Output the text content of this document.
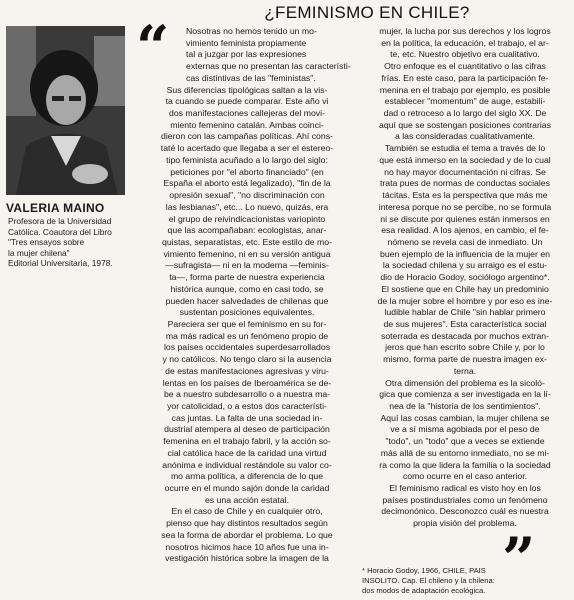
¿FEMINISMO EN CHILE?
VALERIA MAINO
Profesora de la Universidad
Católica. Coautora del Libro
"Tres ensayos sobre
la mujer chilena"
Editorial Universitaria, 1978.
“	Nosotras no hemos tenido un mo-
vimiento feminista propiamente
tal a juzgar por las expresiones
externas que no presentan las característi-
cas distintivas de las "feministas".
Sus diferencias tipológicas saltan a la vis-
ta cuando se puede comparar. Este año vi
dos manifestaciones callejeras del movi-
miento femenino catalán. Ambas coinci-
dieron con las campañas políticas. Ahí cons-
taté lo acertado que llegaba a ser el estereo-
tipo feminista acuñado a lo largo del siglo:
peticiones por "el aborto financiado" (en
España el aborto está legalizado), "fin de la
opresión sexual", "no discriminación con
las lesbianas", etc... Lo nuevo, quizás, era
el grupo de reivindicacionistas variopinto
que las acompañaban: ecologistas, anar-
quistas, separatistas, etc. Este estilo de mo-
vimiento femenino, ni en su versión antigua
—sufragista— ni en la moderna —feminis-
ta—, forma parte de nuestra experiencia
histórica aunque, como en casi todo, se
pueden hacer salvedades de chilenas que
sustentan posiciones equivalentes.
Pareciera ser que el feminismo en su for-
ma más radical es un fenómeno propio de
los países occidentales superdesarrollados
y no católicos. No tengo claro si la ausencia
de estas manifestaciones agresivas y viru-
lentas en los países de Iberoamérica se de-
be a nuestro subdesarrollo o a nuestra ma-
yor catolicidad, o a estos dos característi-
cas juntas. La falta de una sociedad in-
dustrial atempera al deseo de participación
femenina en el trabajo fabril, y la acción so-
cial católica hace de la caridad una virtud
anónima e individual restándole su valor co-
mo arma política, a diferencia de lo que
ocurre en el mundo sajón donde la caridad
es una acción estatal.
En el caso de Chile y en cualquier otro,
pienso que hay distintos resultados según
sea la forma de abordar el problema. Lo que
nosotros hicimos hace 10 años fue una in-
vestigación histórica sobre la imagen de la
mujer, la lucha por sus derechos y los logros
en la política, la educación, el trabajo, el ar-
te, etc. Nuestro objetivo era cualitativo.
Otro enfoque es el cuantitativo o las cifras
frías. En este caso, para la participación fe-
menina en el trabajo por ejemplo, es posible
establecer "momentum" de auge, estabili-
dad o retroceso a lo largo del siglo XX. De
aquí que se sostengan posiciones contrarias
a las consideradas cualitativamente.
También se estudia el tema a través de lo
que está inmerso en la sociedad y de lo cual
no hay mayor documentación ni cifras. Se
trata pues de normas de conductas sociales
tácitas. Esta es la perspectiva que más me
interesa porque no se percibe, no se formula
ni se discute por quienes están inmersos en
esa realidad. A los ajenos, en cambio, el fe-
nómeno se revela casi de inmediato. Un
buen ejemplo de la influencia de la mujer en
la sociedad chilena y su arraigo es el estu-
dio de Horacio Godoy, sociólogo argentino*.
El sostiene que en Chile hay un predominio
de la mujer sobre el hombre y por eso es ine-
ludible hablar de Chile "sin hablar primero
de sus mujeres". Esta característica social
soterrada es destacada por muchos extran-
jeros que han escrito sobre Chile y, por lo
mismo, forma parte de nuestra imagen ex-
terna.
Otra dimensión del problema es la sicoló-
gica que comienza a ser investigada en la lí-
nea de la "historia de los sentimientos".
Aquí las cosas cambian, la mujer chilena se
ve a sí misma agobiada por el peso de
"todo", un "todo" que a veces se extiende
más allá de su entorno inmediato, no se mi-
ra como la que lidera la familia o la sociedad
como ocurre en el caso anterior.
El feminismo radical es visto hoy en los
países postindustriales como un fenómeno
decimonónico. Desconozco cuál es nuestra
propia visión del problema.
* Horacio Godoy, 1966, CHILE, PAIS
INSOLITO. Cap. El chileno y la chilena:
dos modos de adaptación ecológica. ”
